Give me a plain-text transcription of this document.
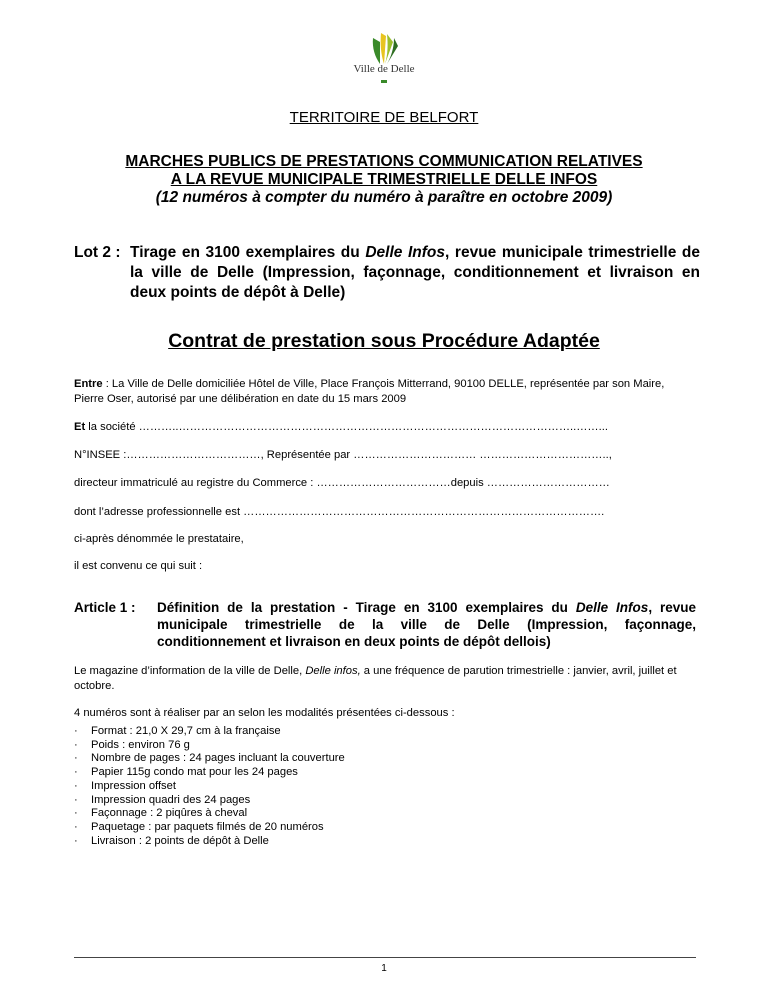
Ville de Delle
TERRITOIRE DE BELFORT
MARCHES PUBLICS DE PRESTATIONS COMMUNICATION RELATIVES
A LA REVUE MUNICIPALE TRIMESTRIELLE DELLE INFOS
(12 numéros à compter du numéro à paraître en octobre 2009)
Lot 2 : Tirage en 3100 exemplaires du Delle Infos, revue municipale trimestrielle de la ville de Delle (Impression, façonnage, conditionnement et livraison en deux points de dépôt à Delle)
Contrat de prestation sous Procédure Adaptée
Entre : La Ville de Delle domiciliée Hôtel de Ville, Place François Mitterrand, 90100 DELLE, représentée par son Maire, Pierre Oser, autorisé par une délibération en date du 15 mars 2009
Et la société ………..……………………………………………………………………………………………..……...
N°INSEE :………………………………, Représentée par …………………………… ……………………………..,
directeur immatriculé au registre du Commerce : ………………………………depuis ……………………………
dont l’adresse professionnelle est …………………………………………………………………………………….
ci-après dénommée le prestataire,
il est convenu ce qui suit :
Article 1 : Définition de la prestation - Tirage en 3100 exemplaires du Delle Infos, revue municipale trimestrielle de la ville de Delle (Impression, façonnage, conditionnement et livraison en deux points de dépôt dellois)
Le magazine d’information de la ville de Delle, Delle infos, a une fréquence de parution trimestrielle : janvier, avril, juillet et octobre.
4 numéros sont à réaliser par an selon les modalités présentées ci-dessous :
· Format : 21,0 X 29,7 cm à la française
· Poids : environ 76 g
· Nombre de pages : 24 pages incluant la couverture
· Papier 115g condo mat pour les 24 pages
· Impression offset
· Impression quadri des 24 pages
· Façonnage : 2 piqûres à cheval
· Paquetage : par paquets filmés de 20 numéros
· Livraison : 2 points de dépôt à Delle
1
